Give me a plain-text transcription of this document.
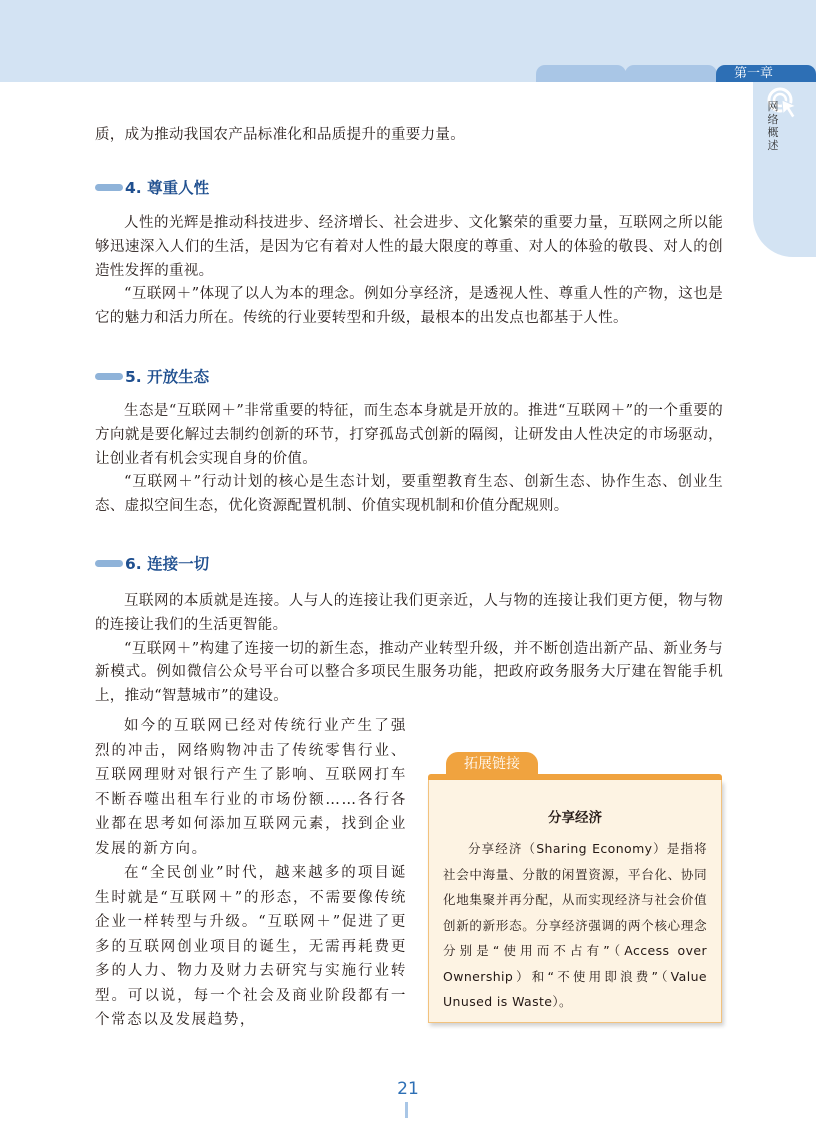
第一章
网
络
概
述

质，成为推动我国农产品标准化和品质提升的重要力量。

4. 尊重人性

人性的光辉是推动科技进步、经济增长、社会进步、文化繁荣的重要力量，互联网之所以能够迅速深入人们的生活，是因为它有着对人性的最大限度的尊重、对人的体验的敬畏、对人的创造性发挥的重视。

“互联网＋”体现了以人为本的理念。例如分享经济，是透视人性、尊重人性的产物，这也是它的魅力和活力所在。传统的行业要转型和升级，最根本的出发点也都基于人性。

5. 开放生态

生态是“互联网＋”非常重要的特征，而生态本身就是开放的。推进“互联网＋”的一个重要的方向就是要化解过去制约创新的环节，打穿孤岛式创新的隔阂，让研发由人性决定的市场驱动，让创业者有机会实现自身的价值。

“互联网＋”行动计划的核心是生态计划，要重塑教育生态、创新生态、协作生态、创业生态、虚拟空间生态，优化资源配置机制、价值实现机制和价值分配规则。

6. 连接一切

互联网的本质就是连接。人与人的连接让我们更亲近，人与物的连接让我们更方便，物与物的连接让我们的生活更智能。

“互联网＋”构建了连接一切的新生态，推动产业转型升级，并不断创造出新产品、新业务与新模式。例如微信公众号平台可以整合多项民生服务功能，把政府政务服务大厅建在智能手机上，推动“智慧城市”的建设。

如今的互联网已经对传统行业产生了强烈的冲击，网络购物冲击了传统零售行业、互联网理财对银行产生了影响、互联网打车不断吞噬出租车行业的市场份额……各行各业都在思考如何添加互联网元素，找到企业发展的新方向。

在“全民创业”时代，越来越多的项目诞生时就是“互联网＋”的形态，不需要像传统企业一样转型与升级。“互联网＋”促进了更多的互联网创业项目的诞生，无需再耗费更多的人力、物力及财力去研究与实施行业转型。可以说，每一个社会及商业阶段都有一个常态以及发展趋势，

拓展链接
分享经济
分享经济（Sharing Economy）是指将社会中海量、分散的闲置资源，平台化、协同化地集聚并再分配，从而实现经济与社会价值创新的新形态。分享经济强调的两个核心理念分别是“使用而不占有”（Access over Ownership）和“不使用即浪费”（Value Unused is Waste）。
21
